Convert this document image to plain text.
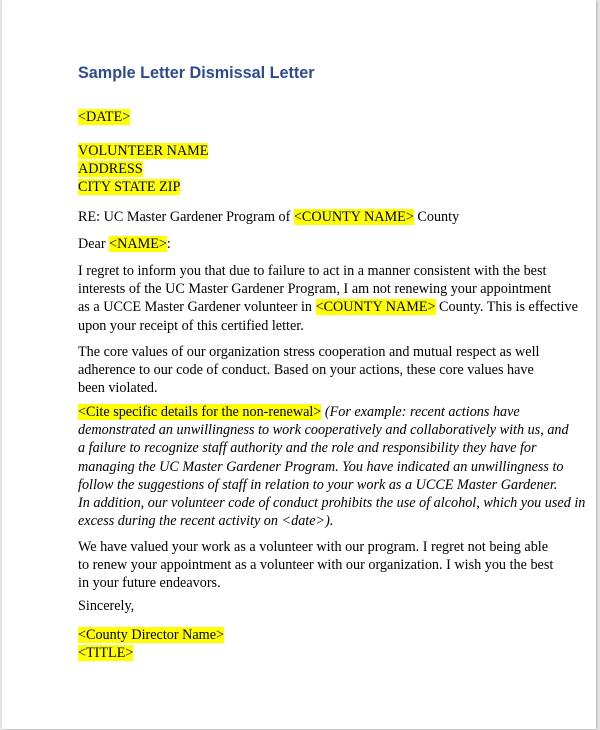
Sample Letter Dismissal Letter
<DATE>
VOLUNTEER NAME
ADDRESS
CITY STATE ZIP
RE: UC Master Gardener Program of <COUNTY NAME> County
Dear <NAME>:
I regret to inform you that due to failure to act in a manner consistent with the best
interests of the UC Master Gardener Program, I am not renewing your appointment
as a UCCE Master Gardener volunteer in <COUNTY NAME> County. This is effective
upon your receipt of this certified letter.
The core values of our organization stress cooperation and mutual respect as well
adherence to our code of conduct. Based on your actions, these core values have
been violated.
<Cite specific details for the non-renewal> (For example: recent actions have
demonstrated an unwillingness to work cooperatively and collaboratively with us, and
a failure to recognize staff authority and the role and responsibility they have for
managing the UC Master Gardener Program. You have indicated an unwillingness to
follow the suggestions of staff in relation to your work as a UCCE Master Gardener.
In addition, our volunteer code of conduct prohibits the use of alcohol, which you used in
excess during the recent activity on <date>).
We have valued your work as a volunteer with our program. I regret not being able
to renew your appointment as a volunteer with our organization. I wish you the best
in your future endeavors.
Sincerely,
<County Director Name>
<TITLE>
